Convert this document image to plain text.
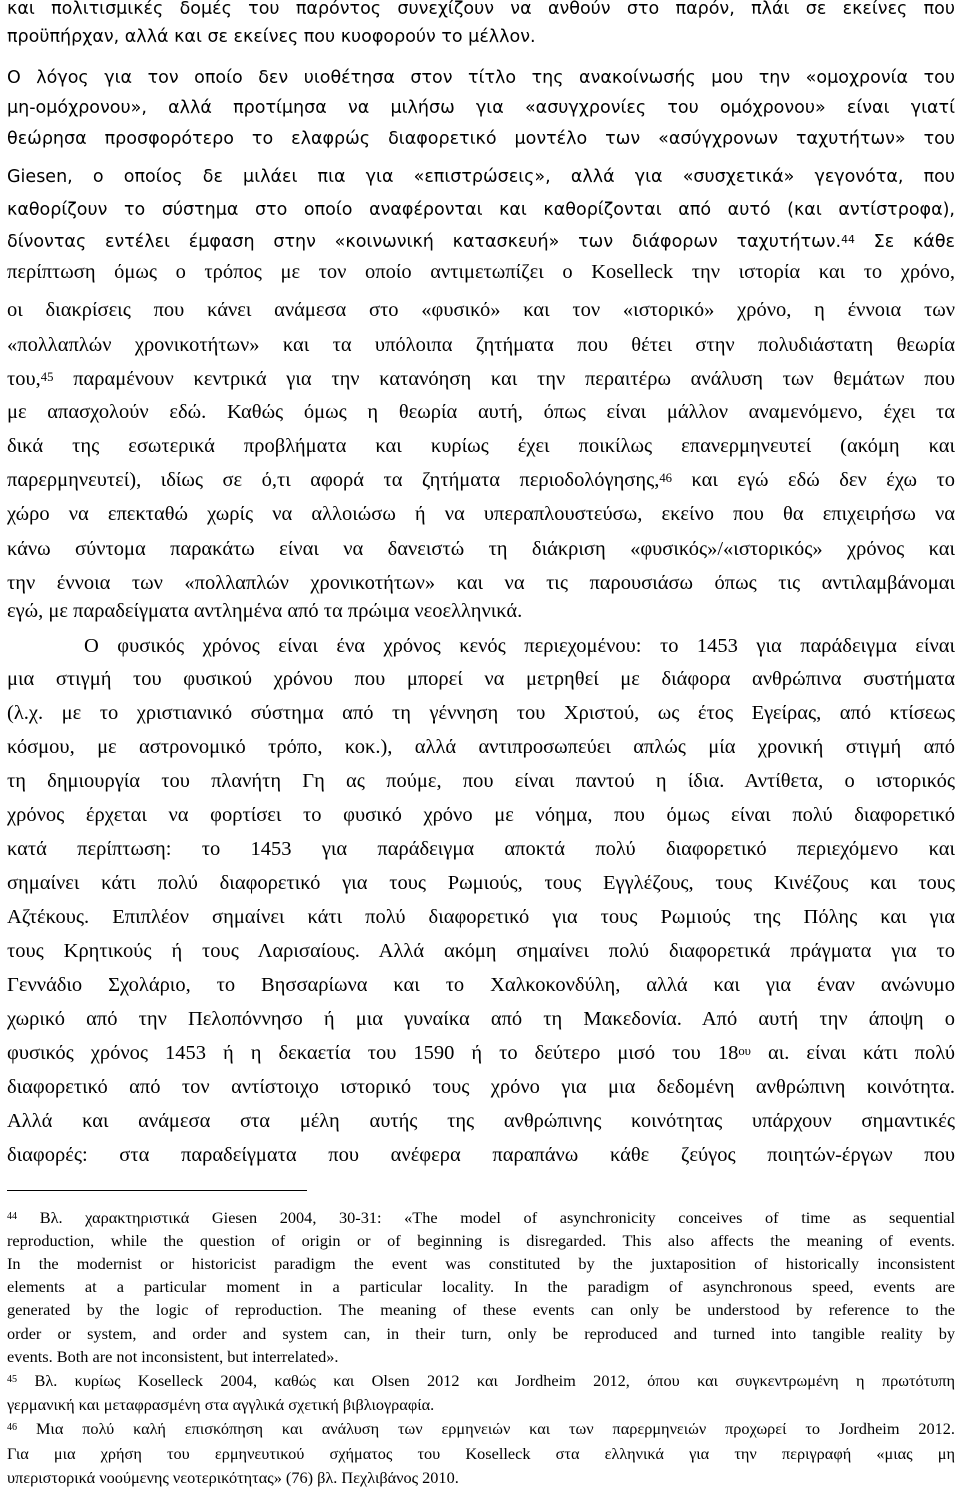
και πολιτισμικές δομές του παρόντος συνεχίζουν να ανθούν στο παρόν, πλάι σε εκείνες που

προϋπήρχαν, αλλά και σε εκείνες που κυοφορούν το μέλλον.

Ο λόγος για τον οποίο δεν υιοθέτησα στον τίτλο της ανακοίνωσής μου την «ομοχρονία του

μη-ομόχρονου», αλλά προτίμησα να μιλήσω για «ασυγχρονίες του ομόχρονου» είναι γιατί

θεώρησα προσφορότερο το ελαφρώς διαφορετικό μοντέλο των «ασύγχρονων ταχυτήτων» του

Giesen, ο οποίος δε μιλάει πια για «επιστρώσεις», αλλά για «συσχετικά» γεγονότα, που

καθορίζουν το σύστημα στο οποίο αναφέρονται και καθορίζονται από αυτό (και αντίστροφα),

δίνοντας εντέλει έμφαση στην «κοινωνική κατασκευή» των διάφορων ταχυτήτων.$^{44}$ Σε κάθε

περίπτωση όμως ο τρόπος με τον οποίο αντιμετωπίζει ο Koselleck την ιστορία και το χρόνο,

οι διακρίσεις που κάνει ανάμεσα στο «φυσικό» και τον «ιστορικό» χρόνο, η έννοια των

«πολλαπλών χρονικοτήτων» και τα υπόλοιπα ζητήματα που θέτει στην πολυδιάστατη θεωρία

του,$^{45}$ παραμένουν κεντρικά για την κατανόηση και την περαιτέρω ανάλυση των θεμάτων που

με απασχολούν εδώ. Καθώς όμως η θεωρία αυτή, όπως είναι μάλλον αναμενόμενο, έχει τα

δικά της εσωτερικά προβλήματα και κυρίως έχει ποικίλως επανερμηνευτεί (ακόμη και

παρερμηνευτεί), ιδίως σε ό,τι αφορά τα ζητήματα περιοδολόγησης,$^{46}$ και εγώ εδώ δεν έχω το

χώρο να επεκταθώ χωρίς να αλλοιώσω ή να υπεραπλουστεύσω, εκείνο που θα επιχειρήσω να

κάνω σύντομα παρακάτω είναι να δανειστώ τη διάκριση «φυσικός»/«ιστορικός» χρόνος και

την έννοια των «πολλαπλών χρονικοτήτων» και να τις παρουσιάσω όπως τις αντιλαμβάνομαι

εγώ, με παραδείγματα αντλημένα από τα πρώιμα νεοελληνικά.

Ο φυσικός χρόνος είναι ένα χρόνος κενός περιεχομένου: το 1453 για παράδειγμα είναι

μια στιγμή του φυσικού χρόνου που μπορεί να μετρηθεί με διάφορα ανθρώπινα συστήματα

(λ.χ. με το χριστιανικό σύστημα από τη γέννηση του Χριστού, ως έτος Εγείρας, από κτίσεως

κόσμου, με αστρονομικό τρόπο, κοκ.), αλλά αντιπροσωπεύει απλώς μία χρονική στιγμή από

τη δημιουργία του πλανήτη Γη ας πούμε, που είναι παντού η ίδια. Αντίθετα, ο ιστορικός

χρόνος έρχεται να φορτίσει το φυσικό χρόνο με νόημα, που όμως είναι πολύ διαφορετικό

κατά περίπτωση: το 1453 για παράδειγμα αποκτά πολύ διαφορετικό περιεχόμενο και

σημαίνει κάτι πολύ διαφορετικό για τους Ρωμιούς, τους Εγγλέζους, τους Κινέζους και τους

Αζτέκους. Επιπλέον σημαίνει κάτι πολύ διαφορετικό για τους Ρωμιούς της Πόλης και για

τους Κρητικούς ή τους Λαρισαίους. Αλλά ακόμη σημαίνει πολύ διαφορετικά πράγματα για το

Γεννάδιο Σχολάριο, το Βησσαρίωνα και το Χαλκοκονδύλη, αλλά και για έναν ανώνυμο

χωρικό από την Πελοπόννησο ή μια γυναίκα από τη Μακεδονία. Από αυτή την άποψη ο

φυσικός χρόνος 1453 ή η δεκαετία του 1590 ή το δεύτερο μισό του $18^{o\upsilon}$ αι. είναι κάτι πολύ

διαφορετικό από τον αντίστοιχο ιστορικό τους χρόνο για μια δεδομένη ανθρώπινη κοινότητα.

Αλλά και ανάμεσα στα μέλη αυτής της ανθρώπινης κοινότητας υπάρχουν σημαντικές

διαφορές: στα παραδείγματα που ανέφερα παραπάνω κάθε ζεύγος ποιητών-έργων που

$^{44}$ Βλ. χαρακτηριστικά Giesen 2004, 30-31: «The model of asynchronicity conceives of time as sequential

reproduction, while the question of origin or of beginning is disregarded. This also affects the meaning of events.

In the modernist or historicist paradigm the event was constituted by the juxtaposition of historically inconsistent

elements at a particular moment in a particular locality. In the paradigm of asynchronous speed, events are

generated by the logic of reproduction. The meaning of these events can only be understood by reference to the

order or system, and order and system can, in their turn, only be reproduced and turned into tangible reality by

events. Both are not inconsistent, but interrelated».

$^{45}$ Βλ. κυρίως Koselleck 2004, καθώς και Olsen 2012 και Jordheim 2012, όπου και συγκεντρωμένη η πρωτότυπη

γερμανική και μεταφρασμένη στα αγγλικά σχετική βιβλιογραφία.

$^{46}$ Μια πολύ καλή επισκόπηση και ανάλυση των ερμηνειών και των παρερμηνειών προχωρεί το Jordheim 2012.

Για μια χρήση του ερμηνευτικού σχήματος του Koselleck στα ελληνικά για την περιγραφή «μιας μη

υπεριστορικά νοούμενης νεοτερικότητας» (76) βλ. Πεχλιβάνος 2010.
